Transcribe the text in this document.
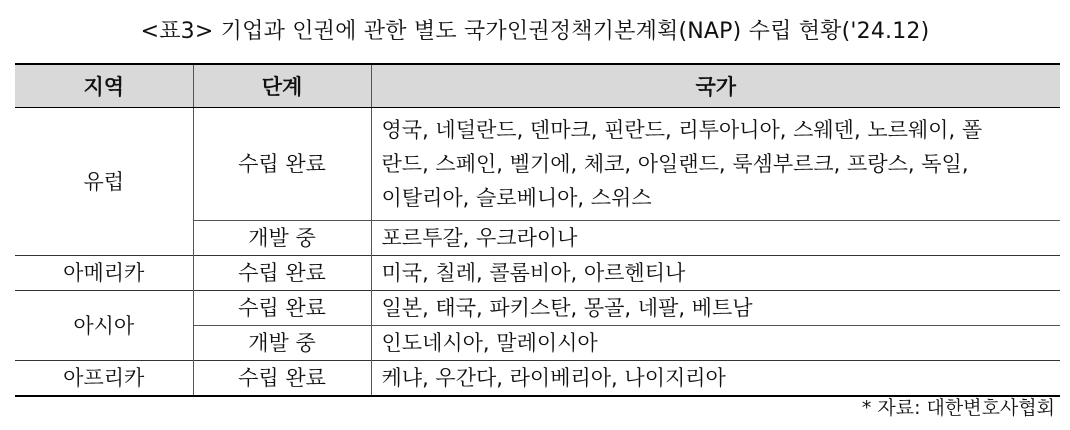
<표3> 기업과 인권에 관한 별도 국가인권정책기본계획(NAP) 수립 현황('24.12)
지역	단계	국가
유럽	수립 완료	영국, 네덜란드, 덴마크, 핀란드, 리투아니아, 스웨덴, 노르웨이, 폴
란드, 스페인, 벨기에, 체코, 아일랜드, 룩셈부르크, 프랑스, 독일,
이탈리아, 슬로베니아, 스위스

	개발 중	포르투갈, 우크라이나
아메리카	수립 완료	미국, 칠레, 콜롬비아, 아르헨티나
아시아	수립 완료	일본, 태국, 파키스탄, 몽골, 네팔, 베트남
	개발 중	인도네시아, 말레이시아
아프리카	수립 완료	케냐, 우간다, 라이베리아, 나이지리아
* 자료: 대한변호사협회
